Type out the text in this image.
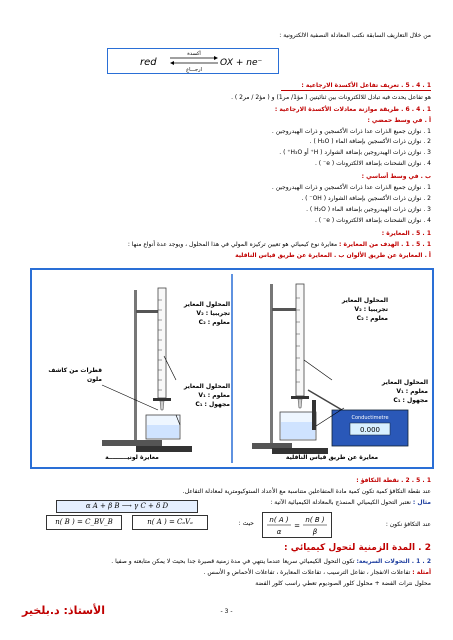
من خلال التعاريف السابقة نكتب المعادلة النصفية الالكترونية :
red	OX + ne⁻
أكسدة
ارجـــاع
1 . 4 . 5 . تعريف تفاعل الأكسدة الارجاعية :
هو تفاعل يحدث فيه تبادل للالكترونات بين ثنائيتين ( مؤ1/ مر1) و ( مؤ2 / مر2 ) .
1 . 4 . 6 . طريقة موازنة معادلات الأكسدة الارجاعية :
أ . في وسط حمضي :
1 . نوازن جميع الذرات عدا ذرات الأكسجين و ذرات الهيدروجين .
2 . نوازن ذرات الأكسجين بإضافة الماء ( H₂O ) .
3 . نوازن ذرات الهيدروجين بإضافة الشوارد ( H⁺ أو H₃O⁺ ) .
4 . نوازن الشحنات بإضافة الالكترونات ( e⁻ ) .
ب . في وسط أساسي :
1 . نوازن جميع الذرات عدا ذرات الأكسجين و ذرات الهيدروجين .
2 . نوازن ذرات الأكسجين بإضافة الشوارد ( OH⁻ ) .
3 . نوازن ذرات الهيدروجين بإضافة الماء ( H₂O ) .
4 . نوازن الشحنات بإضافة الالكترونات ( e⁻ ) .
1 . 5 . المعايرة :
1 . 5 . 1 . الهدف من المعايرة : معايرة نوع كيميائي هو تعيين تركيزه المولي في هذا المحلول ، ويوجد عدة أنواع منها :
أ . المعايرة عن طريق الألوان ب . المعايرة عن طريق قياس الناقلية
0.000
Conductimetre
المحلول المعاير
تجريبيا : V₂
معلوم : C₂
قطرات من كاشف ملون
المحلول المعاير
معلوم : V₁
مجهول : C₁
معايرة لونيـــــــــة
المحلول المعاير
تجريبيا : V₂
معلوم : C₂
المحلول المعاير
معلوم : V₁
مجهول : C₁
معايرة عن طريق قياس الناقلية
1 . 5 . 2 . نقطة التكافؤ :
عند نقطة التكافؤ كمية تكون كمية مادة المتفاعلين متناسبة مع الأعداد الستوكيومترية لمعادلة التفاعل.
مثال : نعتبر التحول الكيميائي المنمذج بالمعادلة الكيميائية الآتية :
α A + β B ⟶ γ C + δ D
عند التكافؤ نكون :
n( A )
α
=
n( B )
β
حيث :
n( A ) = CₐVₐ
n( B ) = C_BV_B
2 . المدة الزمنية لتحول كيميائي :
2 . 1 . التحولات السريعة: تكون التحول الكيميائي سريعا عندما ينتهي في مدة زمنية قصيرة جدا بحيث لا يمكن متابعته و صفيا .
أمثلة : تفاعلات الانفجار ، تفاعل الترسيب ، تفاعلات المعايرة ، تفاعلات الأحماض و الأسس .
محلول نترات الفضة + محلول كلور الصوديوم تعطي راسب كلور الفضة
الأستاذ: د.بلخير	- 3 -
